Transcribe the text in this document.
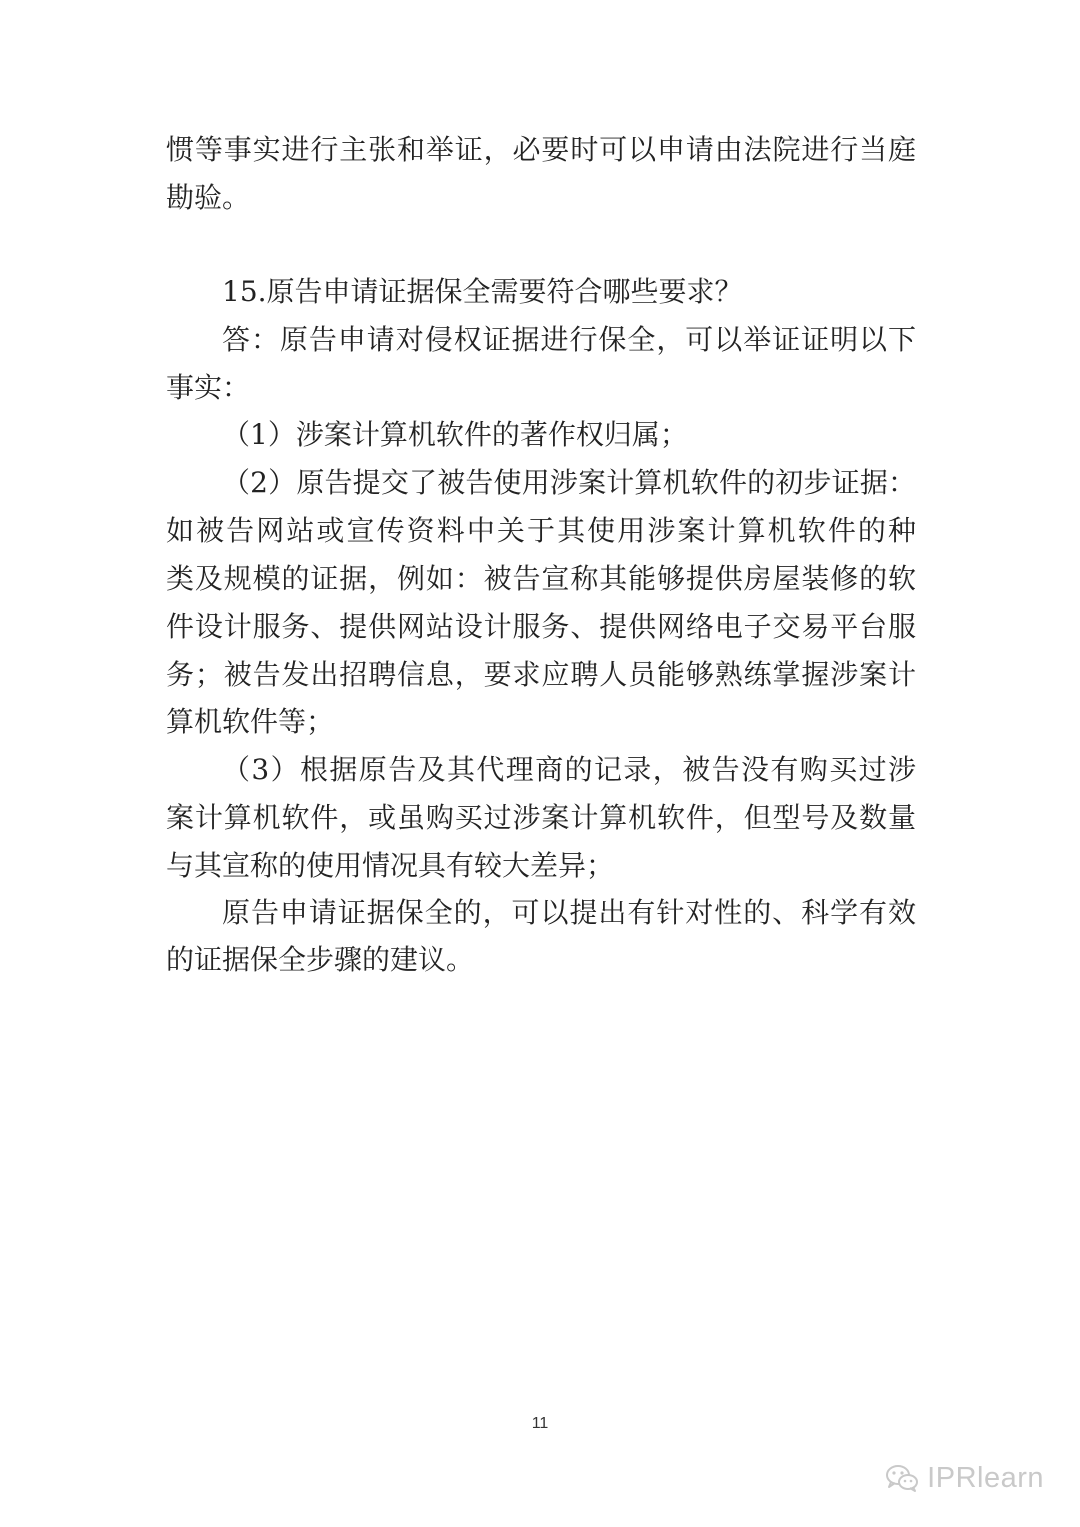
惯等事实进行主张和举证，必要时可以申请由法院进行当庭
勘验。
15.原告申请证据保全需要符合哪些要求？
答：原告申请对侵权证据进行保全，可以举证证明以下
事实：
（1）涉案计算机软件的著作权归属；
（2）原告提交了被告使用涉案计算机软件的初步证据：
如被告网站或宣传资料中关于其使用涉案计算机软件的种
类及规模的证据，例如：被告宣称其能够提供房屋装修的软
件设计服务、提供网站设计服务、提供网络电子交易平台服
务；被告发出招聘信息，要求应聘人员能够熟练掌握涉案计
算机软件等；
（3）根据原告及其代理商的记录，被告没有购买过涉
案计算机软件，或虽购买过涉案计算机软件，但型号及数量
与其宣称的使用情况具有较大差异；
原告申请证据保全的，可以提出有针对性的、科学有效
的证据保全步骤的建议。
11
IPRlearn
